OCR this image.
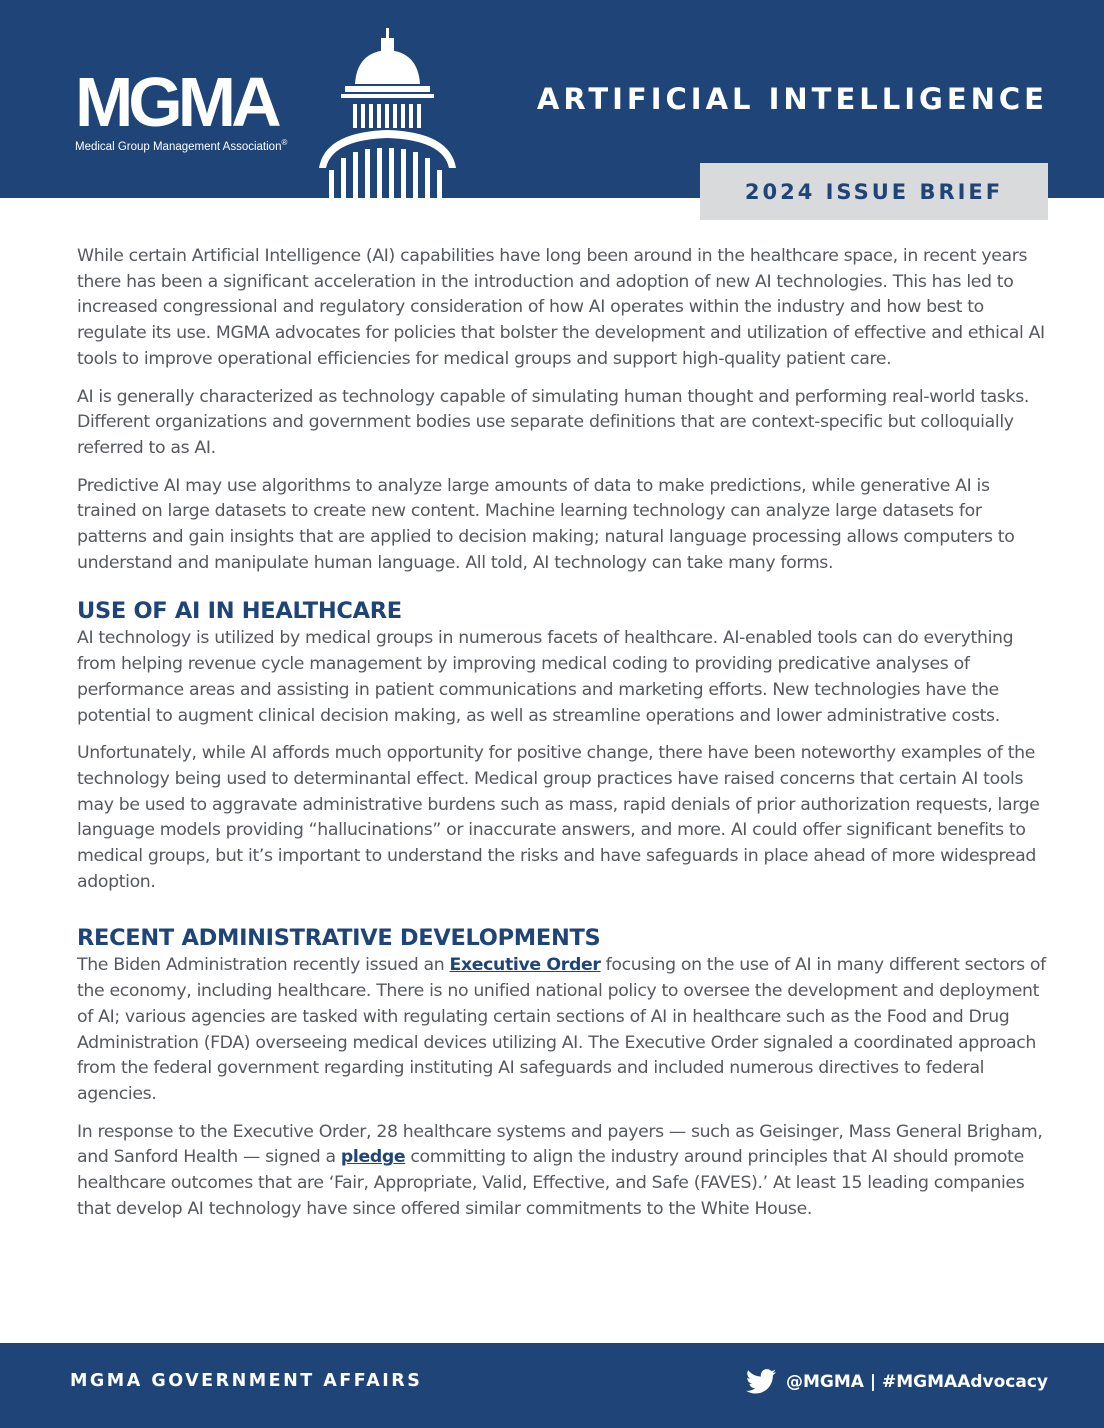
MGMA
Medical Group Management Association®
ARTIFICIAL INTELLIGENCE
2024 ISSUE BRIEF

While certain Artificial Intelligence (AI) capabilities have long been around in the healthcare space, in recent years there has been a significant acceleration in the introduction and adoption of new AI technologies. This has led to increased congressional and regulatory consideration of how AI operates within the industry and how best to regulate its use. MGMA advocates for policies that bolster the development and utilization of effective and ethical AI tools to improve operational efficiencies for medical groups and support high-quality patient care.

AI is generally characterized as technology capable of simulating human thought and performing real-world tasks. Different organizations and government bodies use separate definitions that are context-specific but colloquially referred to as AI.

Predictive AI may use algorithms to analyze large amounts of data to make predictions, while generative AI is trained on large datasets to create new content. Machine learning technology can analyze large datasets for patterns and gain insights that are applied to decision making; natural language processing allows computers to understand and manipulate human language. All told, AI technology can take many forms.

USE OF AI IN HEALTHCARE

AI technology is utilized by medical groups in numerous facets of healthcare. AI-enabled tools can do everything from helping revenue cycle management by improving medical coding to providing predicative analyses of performance areas and assisting in patient communications and marketing efforts. New technologies have the potential to augment clinical decision making, as well as streamline operations and lower administrative costs.

Unfortunately, while AI affords much opportunity for positive change, there have been noteworthy examples of the technology being used to determinantal effect. Medical group practices have raised concerns that certain AI tools may be used to aggravate administrative burdens such as mass, rapid denials of prior authorization requests, large language models providing “hallucinations” or inaccurate answers, and more. AI could offer significant benefits to medical groups, but it’s important to understand the risks and have safeguards in place ahead of more widespread adoption.

RECENT ADMINISTRATIVE DEVELOPMENTS

The Biden Administration recently issued an Executive Order focusing on the use of AI in many different sectors of the economy, including healthcare. There is no unified national policy to oversee the development and deployment of AI; various agencies are tasked with regulating certain sections of AI in healthcare such as the Food and Drug Administration (FDA) overseeing medical devices utilizing AI. The Executive Order signaled a coordinated approach from the federal government regarding instituting AI safeguards and included numerous directives to federal agencies.

In response to the Executive Order, 28 healthcare systems and payers — such as Geisinger, Mass General Brigham, and Sanford Health — signed a pledge committing to align the industry around principles that AI should promote healthcare outcomes that are ‘Fair, Appropriate, Valid, Effective, and Safe (FAVES).’ At least 15 leading companies that develop AI technology have since offered similar commitments to the White House.

MGMA GOVERNMENT AFFAIRS	@MGMA | #MGMAAdvocacy
